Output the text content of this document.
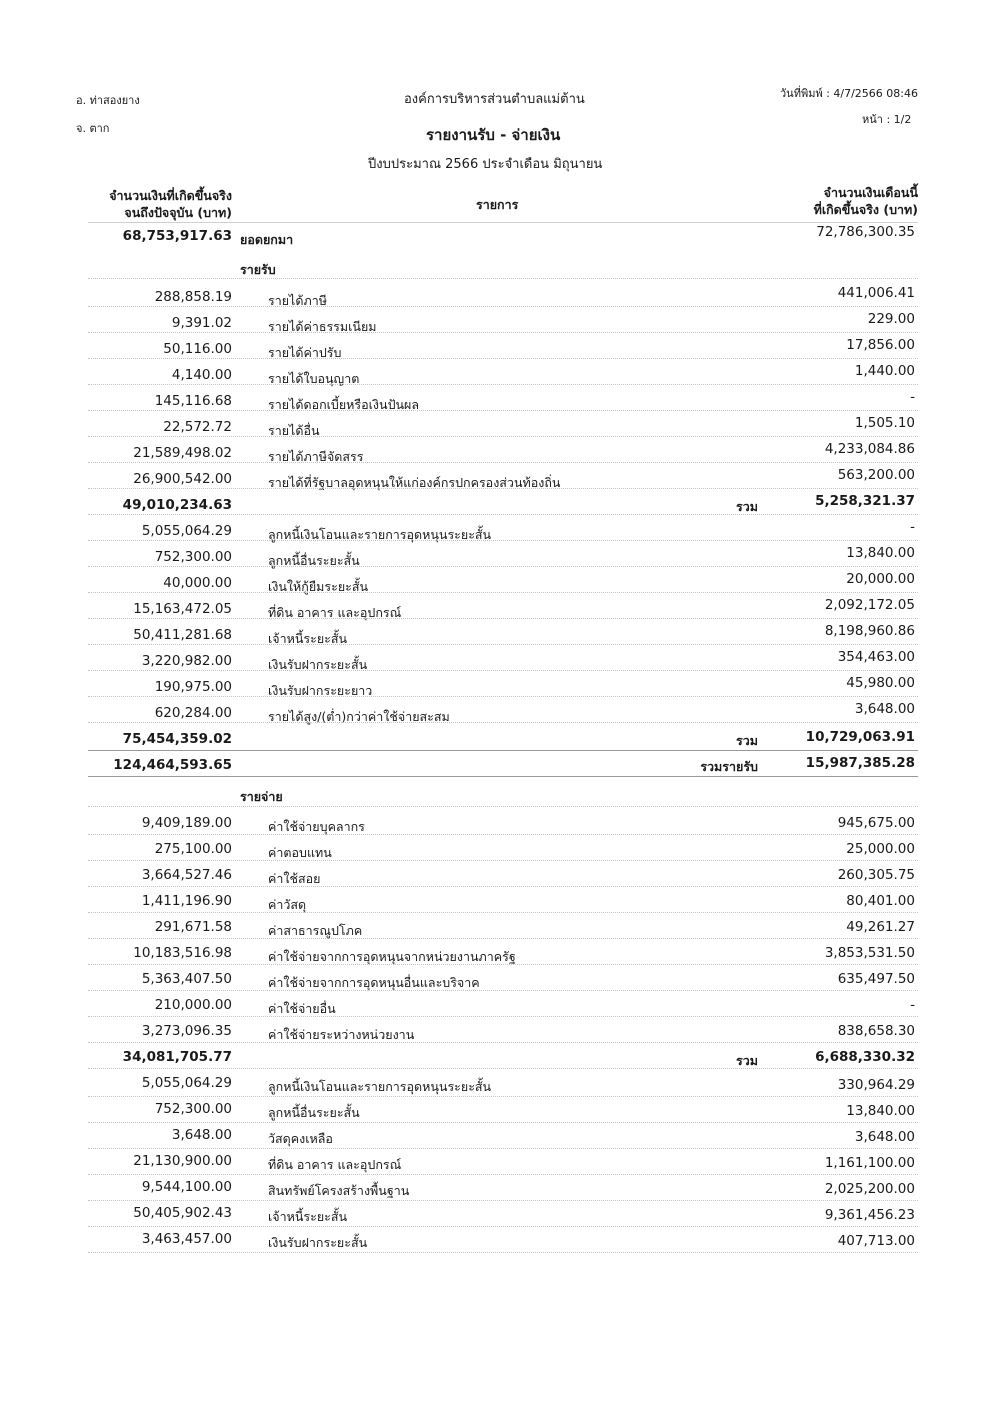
อ. ท่าสองยาง
จ. ตาก
องค์การบริหารส่วนตำบลแม่ต้าน	วันที่พิมพ์ : 4/7/2566 08:46
หน้า : 1/2
รายงานรับ - จ่ายเงิน
ปีงบประมาณ 2566 ประจำเดือน มิถุนายน
จำนวนเงินที่เกิดขึ้นจริง
จนถึงปัจจุบัน (บาท)
รายการ
จำนวนเงินเดือนนี้
ที่เกิดขึ้นจริง (บาท)
68,753,917.63 ยอดยกมา	72,786,300.35
รายรับ
288,858.19	รายได้ภาษี	441,006.41
9,391.02	รายได้ค่าธรรมเนียม	229.00
50,116.00	รายได้ค่าปรับ	17,856.00
4,140.00	รายได้ใบอนุญาต	1,440.00
145,116.68	รายได้ดอกเบี้ยหรือเงินปันผล	-
22,572.72	รายได้อื่น	1,505.10
21,589,498.02	รายได้ภาษีจัดสรร	4,233,084.86
26,900,542.00	รายได้ที่รัฐบาลอุดหนุนให้แก่องค์กรปกครองส่วนท้องถิ่น	563,200.00
49,010,234.63	รวม	5,258,321.37
5,055,064.29	ลูกหนี้เงินโอนและรายการอุดหนุนระยะสั้น	-
752,300.00	ลูกหนี้อื่นระยะสั้น	13,840.00
40,000.00	เงินให้กู้ยืมระยะสั้น	20,000.00
15,163,472.05	ที่ดิน อาคาร และอุปกรณ์	2,092,172.05
50,411,281.68	เจ้าหนี้ระยะสั้น	8,198,960.86
3,220,982.00	เงินรับฝากระยะสั้น	354,463.00
190,975.00	เงินรับฝากระยะยาว	45,980.00
620,284.00	รายได้สูง/(ต่ำ)กว่าค่าใช้จ่ายสะสม	3,648.00
75,454,359.02	รวม	10,729,063.91
124,464,593.65	รวมรายรับ	15,987,385.28
รายจ่าย
9,409,189.00	ค่าใช้จ่ายบุคลากร	945,675.00
275,100.00	ค่าตอบแทน	25,000.00
3,664,527.46	ค่าใช้สอย	260,305.75
1,411,196.90	ค่าวัสดุ	80,401.00
291,671.58	ค่าสาธารณูปโภค	49,261.27
10,183,516.98	ค่าใช้จ่ายจากการอุดหนุนจากหน่วยงานภาครัฐ	3,853,531.50
5,363,407.50	ค่าใช้จ่ายจากการอุดหนุนอื่นและบริจาค	635,497.50
210,000.00	ค่าใช้จ่ายอื่น	-
3,273,096.35	ค่าใช้จ่ายระหว่างหน่วยงาน	838,658.30
34,081,705.77	รวม	6,688,330.32
5,055,064.29	ลูกหนี้เงินโอนและรายการอุดหนุนระยะสั้น	330,964.29
752,300.00	ลูกหนี้อื่นระยะสั้น	13,840.00
3,648.00	วัสดุคงเหลือ	3,648.00
21,130,900.00	ที่ดิน อาคาร และอุปกรณ์	1,161,100.00
9,544,100.00	สินทรัพย์โครงสร้างพื้นฐาน	2,025,200.00
50,405,902.43	เจ้าหนี้ระยะสั้น	9,361,456.23
3,463,457.00	เงินรับฝากระยะสั้น	407,713.00
